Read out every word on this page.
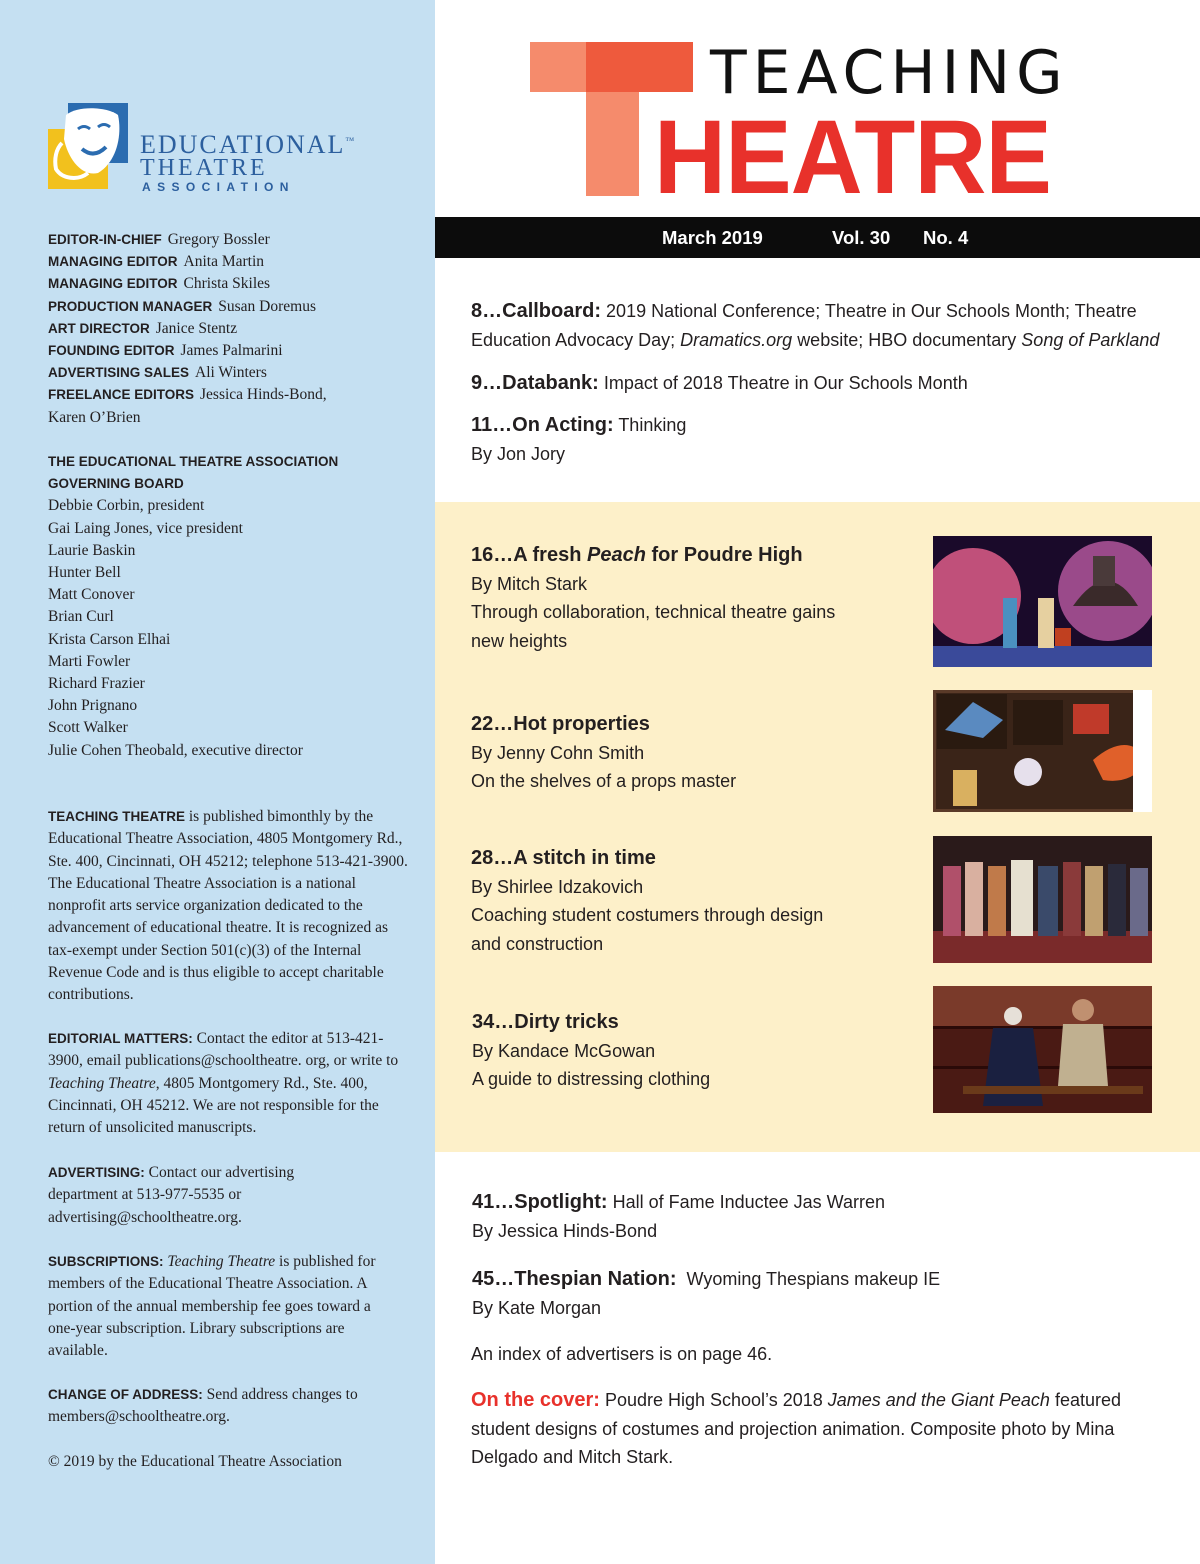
EDUCATIONAL™
THEATRE
ASSOCIATION
EDITOR-IN-CHIEF Gregory Bossler
MANAGING EDITOR Anita Martin
MANAGING EDITOR Christa Skiles
PRODUCTION MANAGER Susan Doremus
ART DIRECTOR Janice Stentz
FOUNDING EDITOR James Palmarini
ADVERTISING SALES Ali Winters
FREELANCE EDITORS Jessica Hinds-Bond,
Karen O’Brien
THE EDUCATIONAL THEATRE ASSOCIATION
GOVERNING BOARD
Debbie Corbin, president
Gai Laing Jones, vice president
Laurie Baskin
Hunter Bell
Matt Conover
Brian Curl
Krista Carson Elhai
Marti Fowler
Richard Frazier
John Prignano
Scott Walker
Julie Cohen Theobald, executive director
TEACHING THEATRE is published bimonthly by the Educational Theatre Association, 4805 Montgomery Rd., Ste. 400, Cincinnati, OH 45212; telephone 513-421-3900. The Educational Theatre Association is a national nonprofit arts service organization dedicated to the advancement of educational theatre. It is recognized as tax-exempt under Section 501(c)(3) of the Internal Revenue Code and is thus eligible to accept charitable contributions.
EDITORIAL MATTERS: Contact the editor at 513-421-3900, email publications@schooltheatre. org, or write to Teaching Theatre, 4805 Montgomery Rd., Ste. 400, Cincinnati, OH 45212. We are not responsible for the return of unsolicited manuscripts.
ADVERTISING: Contact our advertising department at 513-977-5535 or advertising@schooltheatre.org.
SUBSCRIPTIONS: Teaching Theatre is published for members of the Educational Theatre Association. A portion of the annual membership fee goes toward a one-year subscription. Library subscriptions are available.
CHANGE OF ADDRESS: Send address changes to members@schooltheatre.org.
© 2019 by the Educational Theatre Association
TEACHING
HEATRE
March 2019	Vol. 30 No. 4
8…Callboard: 2019 National Conference; Theatre in Our Schools Month; Theatre
Education Advocacy Day; Dramatics.org website; HBO documentary Song of Parkland
9…Databank: Impact of 2018 Theatre in Our Schools Month
11…On Acting: Thinking
By Jon Jory
16…A fresh Peach for Poudre High
By Mitch Stark
Through collaboration, technical theatre gains
new heights
22…Hot properties
By Jenny Cohn Smith
On the shelves of a props master
28…A stitch in time
By Shirlee Idzakovich
Coaching student costumers through design
and construction
34…Dirty tricks
By Kandace McGowan
A guide to distressing clothing
41…Spotlight: Hall of Fame Inductee Jas Warren
By Jessica Hinds-Bond
45…Thespian Nation: Wyoming Thespians makeup IE
By Kate Morgan
An index of advertisers is on page 46.
On the cover: Poudre High School’s 2018 James and the Giant Peach featured
student designs of costumes and projection animation. Composite photo by Mina
Delgado and Mitch Stark.
